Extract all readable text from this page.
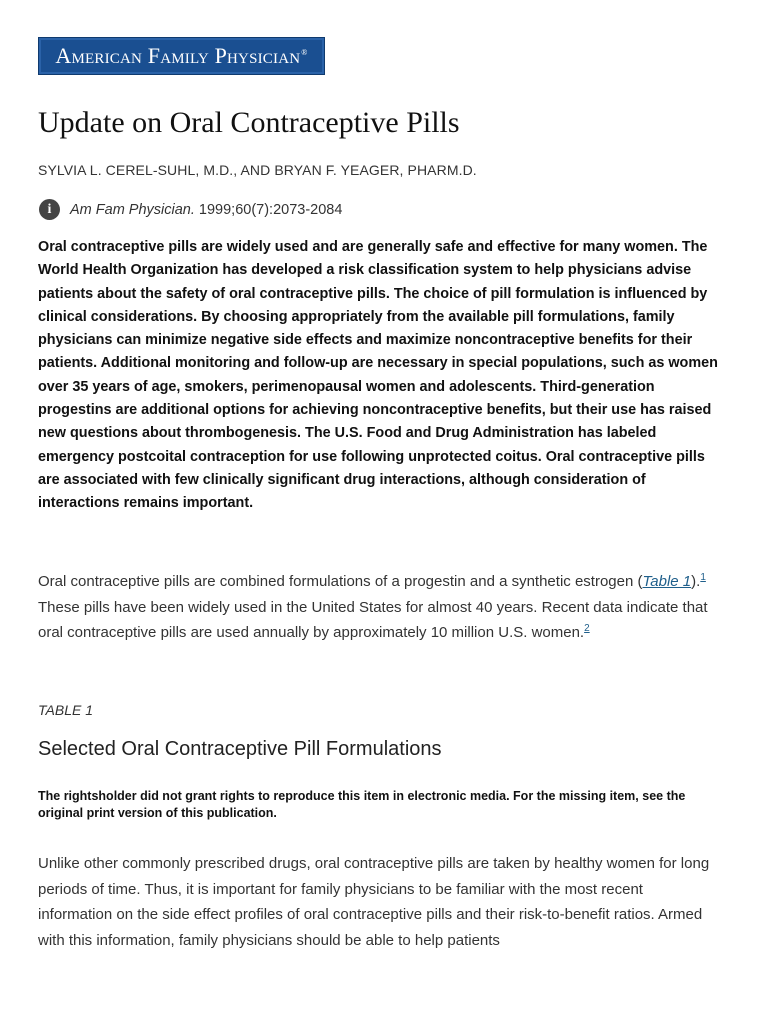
American Family Physician®
Update on Oral Contraceptive Pills
SYLVIA L. CEREL-SUHL, M.D., AND BRYAN F. YEAGER, PHARM.D.
i	Am Fam Physician. 1999;60(7):2073-2084

Oral contraceptive pills are widely used and are generally safe and effective for many women. The World Health Organization has developed a risk classification system to help physicians advise patients about the safety of oral contraceptive pills. The choice of pill formulation is influenced by clinical considerations. By choosing appropriately from the available pill formulations, family physicians can minimize negative side effects and maximize noncontraceptive benefits for their patients. Additional monitoring and follow-up are necessary in special populations, such as women over 35 years of age, smokers, perimenopausal women and adolescents. Third-generation progestins are additional options for achieving noncontraceptive benefits, but their use has raised new questions about thrombogenesis. The U.S. Food and Drug Administration has labeled emergency postcoital contraception for use following unprotected coitus. Oral contraceptive pills are associated with few clinically significant drug interactions, although consideration of interactions remains important.

Oral contraceptive pills are combined formulations of a progestin and a synthetic estrogen (Table 1).$^1$ These pills have been widely used in the United States for almost 40 years. Recent data indicate that oral contraceptive pills are used annually by approximately 10 million U.S. women.$^2$

TABLE 1
Selected Oral Contraceptive Pill Formulations

The rightsholder did not grant rights to reproduce this item in electronic media. For the missing item, see the original print version of this publication.

Unlike other commonly prescribed drugs, oral contraceptive pills are taken by healthy women for long periods of time. Thus, it is important for family physicians to be familiar with the most recent information on the side effect profiles of oral contraceptive pills and their risk-to-benefit ratios. Armed with this information, family physicians should be able to help patients
